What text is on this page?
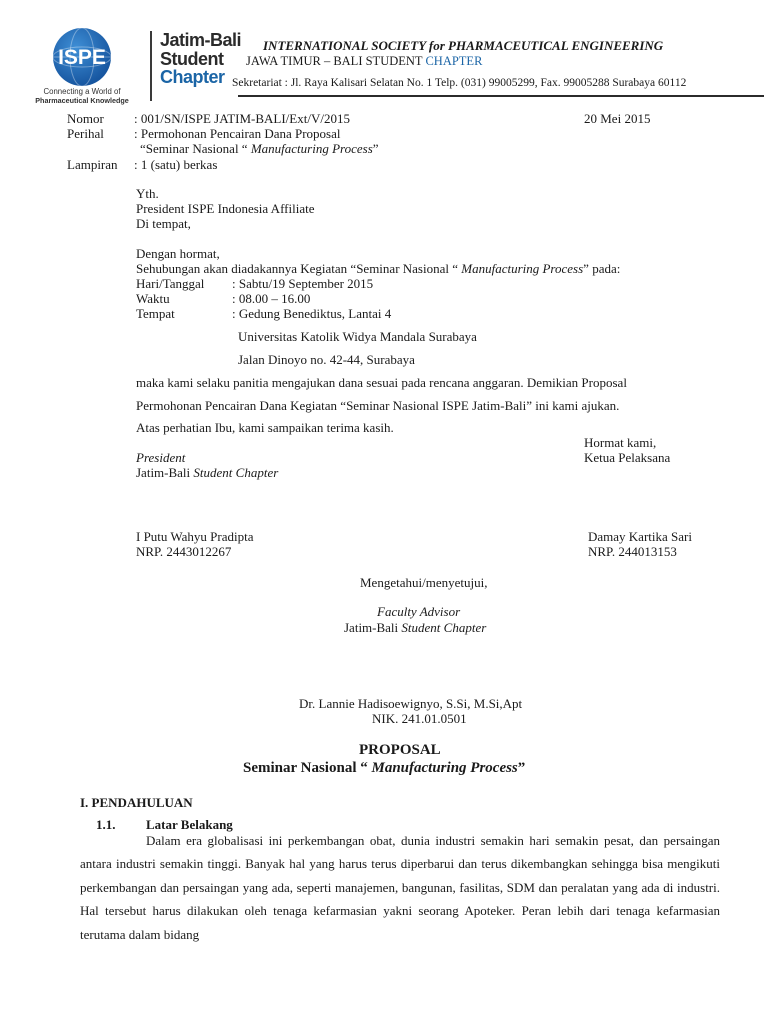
ISPE
Connecting a World of
Pharmaceutical Knowledge
Jatim-Bali
Student
Chapter
INTERNATIONAL SOCIETY for PHARMACEUTICAL ENGINEERING
JAWA TIMUR – BALI STUDENT CHAPTER
Sekretariat : Jl. Raya Kalisari Selatan No. 1 Telp. (031) 99005299, Fax. 99005288 Surabaya 60112
Nomor : 001/SN/ISPE JATIM-BALI/Ext/V/2015	20 Mei 2015
Perihal : Permohonan Pencairan Dana Proposal
“Seminar Nasional “ Manufacturing Process”
Lampiran : 1 (satu) berkas
Yth.
President ISPE Indonesia Affiliate
Di tempat,
Dengan hormat,
Sehubungan akan diadakannya Kegiatan “Seminar Nasional “ Manufacturing Process” pada:
Hari/Tanggal : Sabtu/19 September 2015
Waktu	: 08.00 – 16.00
Tempat	: Gedung Benediktus, Lantai 4
Universitas Katolik Widya Mandala Surabaya
Jalan Dinoyo no. 42-44, Surabaya
maka kami selaku panitia mengajukan dana sesuai pada rencana anggaran. Demikian Proposal
Permohonan Pencairan Dana Kegiatan “Seminar Nasional ISPE Jatim-Bali” ini kami ajukan.
Atas perhatian Ibu, kami sampaikan terima kasih.
Hormat kami,
President	Ketua Pelaksana
Jatim-Bali Student Chapter
I Putu Wahyu Pradipta
NRP. 2443012267
Damay Kartika Sari
NRP. 244013153
Mengetahui/menyetujui,
Faculty Advisor
Jatim-Bali Student Chapter
Dr. Lannie Hadisoewignyo, S.Si, M.Si,Apt
NIK. 241.01.0501
PROPOSAL
Seminar Nasional “ Manufacturing Process”
I. PENDAHULUAN
1.1. Latar Belakang
Dalam era globalisasi ini perkembangan obat, dunia industri semakin hari semakin pesat, dan persaingan antara industri semakin tinggi. Banyak hal yang harus terus diperbarui dan terus dikembangkan sehingga bisa mengikuti perkembangan dan persaingan yang ada, seperti manajemen, bangunan, fasilitas, SDM dan peralatan yang ada di industri. Hal tersebut harus dilakukan oleh tenaga kefarmasian yakni seorang Apoteker. Peran lebih dari tenaga kefarmasian terutama dalam bidang
